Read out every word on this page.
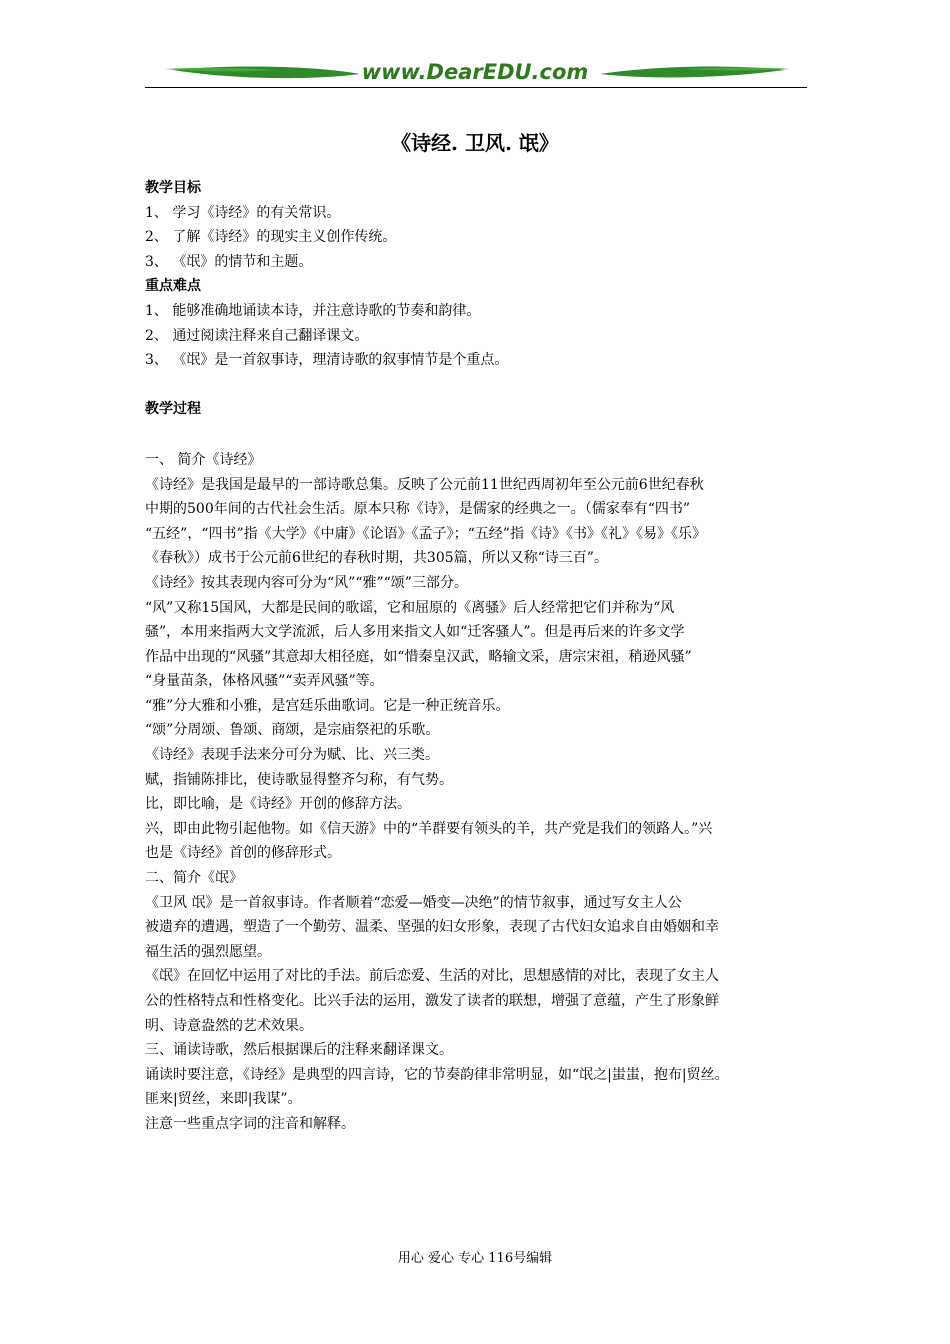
www.DearEDU.com
《诗经. 卫风. 氓》
教学目标
1、 学习《诗经》的有关常识。
2、 了解《诗经》的现实主义创作传统。
3、 《氓》的情节和主题。
重点难点
1、 能够准确地诵读本诗，并注意诗歌的节奏和韵律。
2、 通过阅读注释来自己翻译课文。
3、 《氓》是一首叙事诗，理清诗歌的叙事情节是个重点。
教学过程
一、 简介《诗经》
《诗经》是我国是最早的一部诗歌总集。反映了公元前11世纪西周初年至公元前6世纪春秋
中期的500年间的古代社会生活。原本只称《诗》，是儒家的经典之一。（儒家奉有“四书”
“五经”，“四书”指《大学》《中庸》《论语》《孟子》；“五经”指《诗》《书》《礼》《易》《乐》
《春秋》）成书于公元前6世纪的春秋时期，共305篇，所以又称“诗三百”。
《诗经》按其表现内容可分为“风”“雅”“颂”三部分。
“风”又称15国风，大都是民间的歌谣，它和屈原的《离骚》后人经常把它们并称为“风
骚”，本用来指两大文学流派，后人多用来指文人如“迁客骚人”。但是再后来的许多文学
作品中出现的“风骚”其意却大相径庭，如“惜秦皇汉武，略输文采，唐宗宋祖，稍逊风骚”
“身量苗条，体格风骚”“卖弄风骚”等。
“雅”分大雅和小雅，是宫廷乐曲歌词。它是一种正统音乐。
“颂”分周颂、鲁颂、商颂，是宗庙祭祀的乐歌。
《诗经》表现手法来分可分为赋、比、兴三类。
赋，指铺陈排比，使诗歌显得整齐匀称，有气势。
比，即比喻，是《诗经》开创的修辞方法。
兴，即由此物引起他物。如《信天游》中的“羊群要有领头的羊，共产党是我们的领路人。”兴
也是《诗经》首创的修辞形式。
二、简介《氓》
《卫风 氓》是一首叙事诗。作者顺着“恋爱—婚变—决绝”的情节叙事，通过写女主人公
被遗弃的遭遇，塑造了一个勤劳、温柔、坚强的妇女形象，表现了古代妇女追求自由婚姻和幸
福生活的强烈愿望。
《氓》在回忆中运用了对比的手法。前后恋爱、生活的对比，思想感情的对比，表现了女主人
公的性格特点和性格变化。比兴手法的运用，激发了读者的联想，增强了意蕴，产生了形象鲜
明、诗意盎然的艺术效果。
三、诵读诗歌，然后根据课后的注释来翻译课文。
诵读时要注意，《诗经》是典型的四言诗，它的节奏韵律非常明显，如“氓之|蚩蚩，抱布|贸丝。
匪来|贸丝，来即|我谋”。
注意一些重点字词的注音和解释。
用心 爱心 专心 116号编辑
